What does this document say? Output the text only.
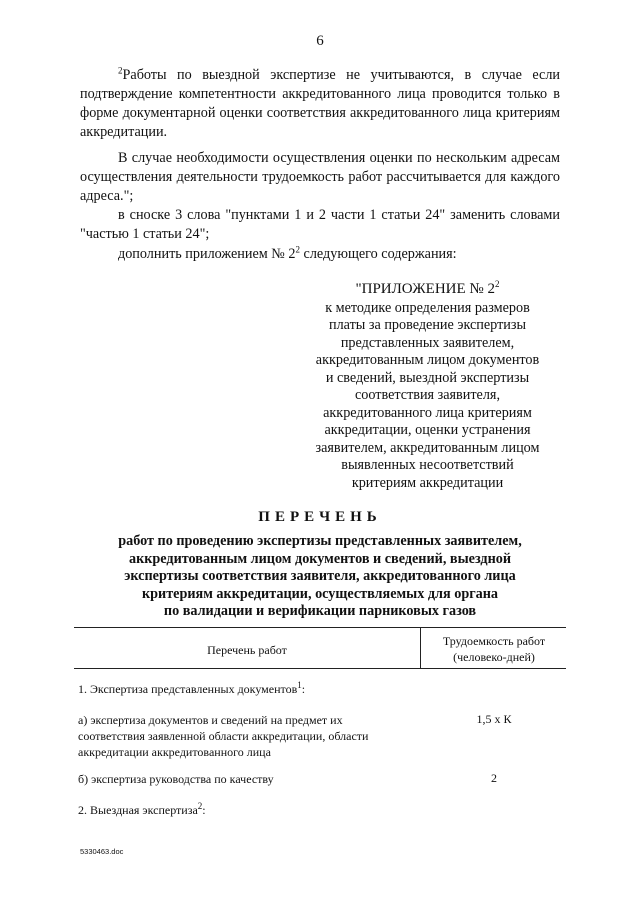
6

$^2$Работы по выездной экспертизе не учитываются, в случае если подтверждение компетентности аккредитованного лица проводится только в форме документарной оценки соответствия аккредитованного лица критериям аккредитации.

В случае необходимости осуществления оценки по нескольким адресам осуществления деятельности трудоемкость работ рассчитывается для каждого адреса.";

в сноске 3 слова "пунктами 1 и 2 части 1 статьи 24" заменить словами "частью 1 статьи 24";

дополнить приложением № $2^2$ следующего содержания:

"ПРИЛОЖЕНИЕ № $2^2$
к методике определения размеров
платы за проведение экспертизы
представленных заявителем,
аккредитованным лицом документов
и сведений, выездной экспертизы
соответствия заявителя,
аккредитованного лица критериям
аккредитации, оценки устранения
заявителем, аккредитованным лицом
выявленных несоответствий
критериям аккредитации
ПЕРЕЧЕНЬ
работ по проведению экспертизы представленных заявителем,
аккредитованным лицом документов и сведений, выездной
экспертизы соответствия заявителя, аккредитованного лица
критериям аккредитации, осуществляемых для органа
по валидации и верификации парниковых газов
Перечень работ
Трудоемкость работ
(человеко-дней)
1. Экспертиза представленных документов$^1$:
а) экспертиза документов и сведений на предмет их
соответствия заявленной области аккредитации, области
аккредитации аккредитованного лица
1,5 х К
б) экспертиза руководства по качеству	2
2. Выездная экспертиза$^2$:
5330463.doc
